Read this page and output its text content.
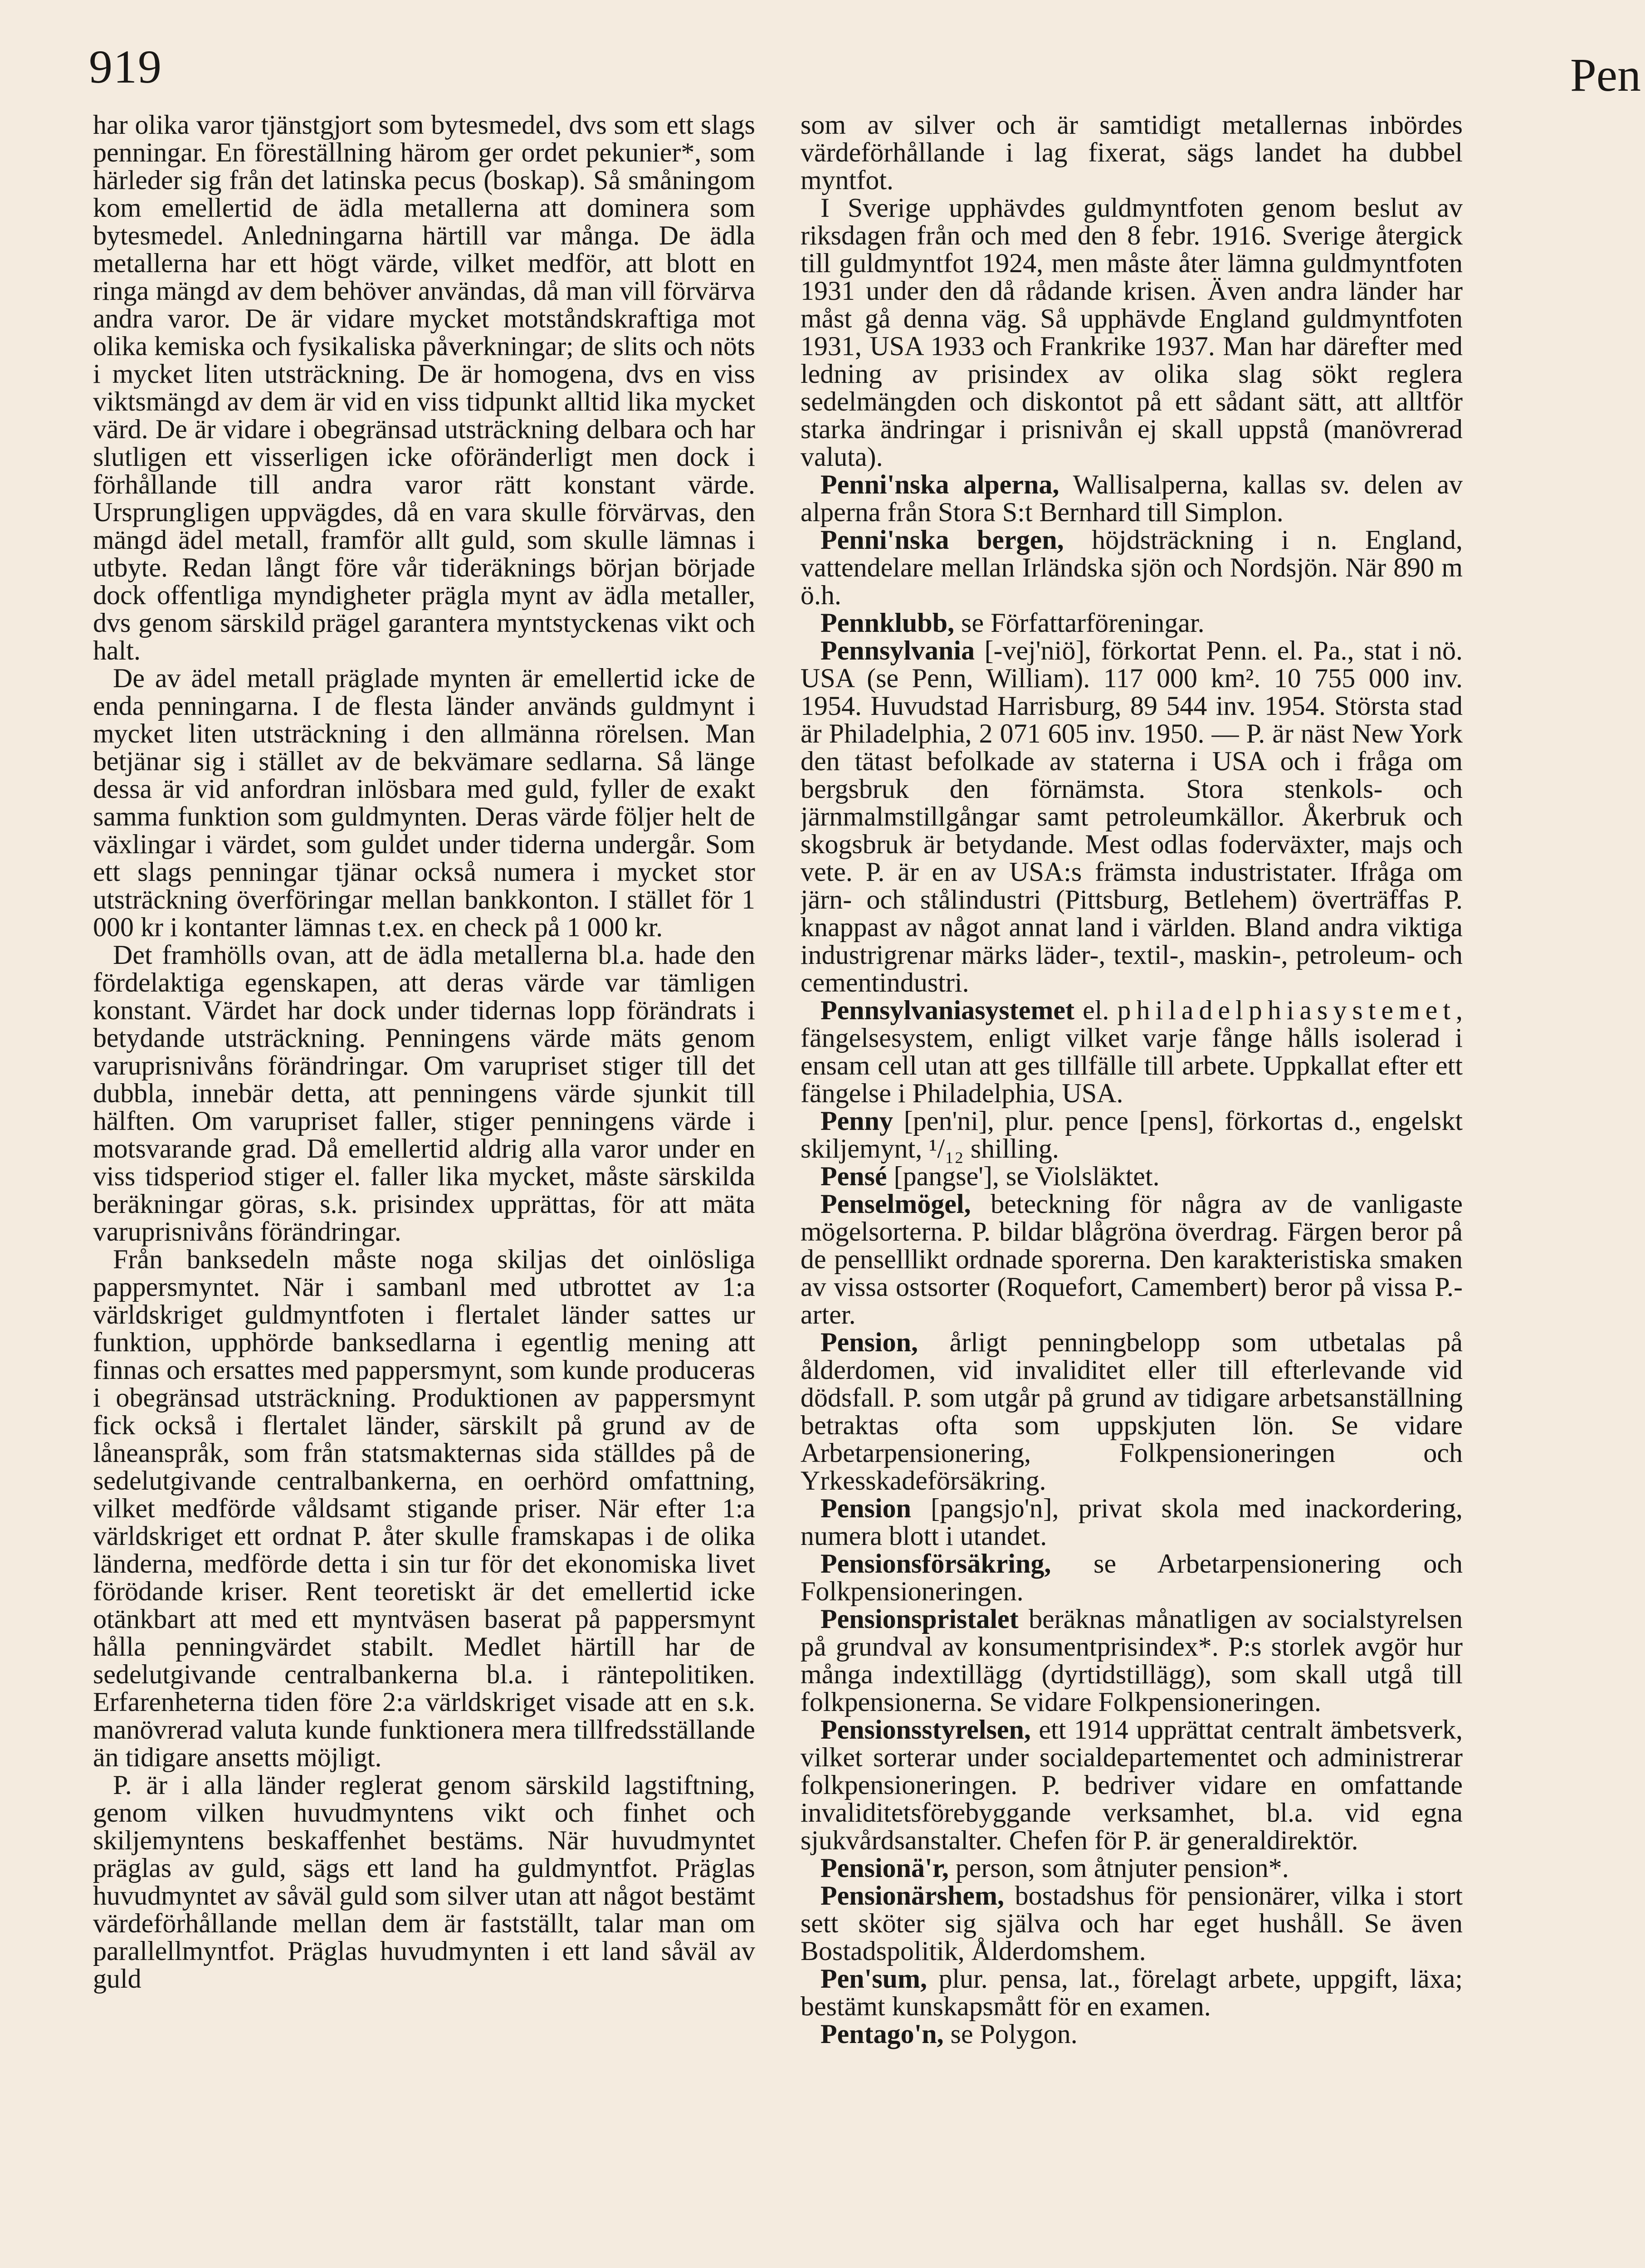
919	Pen

har olika varor tjänstgjort som bytesmedel, dvs som ett slags penningar. En föreställning härom ger ordet pekunier*, som härleder sig från det latinska pecus (boskap). Så småningom kom emellertid de ädla metallerna att dominera som bytesmedel. Anledningarna härtill var många. De ädla metallerna har ett högt värde, vilket medför, att blott en ringa mängd av dem behöver användas, då man vill förvärva andra varor. De är vidare mycket motståndskraftiga mot olika kemiska och fysikaliska påverkningar; de slits och nöts i mycket liten utsträckning. De är homogena, dvs en viss viktsmängd av dem är vid en viss tidpunkt alltid lika mycket värd. De är vidare i obegränsad utsträckning delbara och har slutligen ett visserligen icke oföränderligt men dock i förhållande till andra varor rätt konstant värde. Ursprungligen uppvägdes, då en vara skulle förvärvas, den mängd ädel metall, framför allt guld, som skulle lämnas i utbyte. Redan långt före vår tideräknings början började dock offentliga myndigheter prägla mynt av ädla metaller, dvs genom särskild prägel garantera myntstyckenas vikt och halt.

De av ädel metall präglade mynten är emellertid icke de enda penningarna. I de flesta länder används guldmynt i mycket liten utsträckning i den allmänna rörelsen. Man betjänar sig i stället av de bekvämare sedlarna. Så länge dessa är vid anfordran inlösbara med guld, fyller de exakt samma funktion som guldmynten. Deras värde följer helt de växlingar i värdet, som guldet under tiderna undergår. Som ett slags penningar tjänar också numera i mycket stor utsträckning överföringar mellan bankkonton. I stället för 1 000 kr i kontanter lämnas t.ex. en check på 1 000 kr.

Det framhölls ovan, att de ädla metallerna bl.a. hade den fördelaktiga egenskapen, att deras värde var tämligen konstant. Värdet har dock under tidernas lopp förändrats i betydande utsträckning. Penningens värde mäts genom varuprisnivåns förändringar. Om varupriset stiger till det dubbla, innebär detta, att penningens värde sjunkit till hälften. Om varupriset faller, stiger penningens värde i motsvarande grad. Då emellertid aldrig alla varor under en viss tidsperiod stiger el. faller lika mycket, måste särskilda beräkningar göras, s.k. prisindex upprättas, för att mäta varuprisnivåns förändringar.

Från banksedeln måste noga skiljas det oinlösliga pappersmyntet. När i sambanl med utbrottet av 1:a världskriget guldmyntfoten i flertalet länder sattes ur funktion, upphörde banksedlarna i egentlig mening att finnas och ersattes med pappersmynt, som kunde produceras i obegränsad utsträckning. Produktionen av pappersmynt fick också i flertalet länder, särskilt på grund av de låneanspråk, som från statsmakternas sida ställdes på de sedelutgivande centralbankerna, en oerhörd omfattning, vilket medförde våldsamt stigande priser. När efter 1:a världskriget ett ordnat P. åter skulle framskapas i de olika länderna, medförde detta i sin tur för det ekonomiska livet förödande kriser. Rent teoretiskt är det emellertid icke otänkbart att med ett myntväsen baserat på pappersmynt hålla penningvärdet stabilt. Medlet härtill har de sedelutgivande centralbankerna bl.a. i räntepolitiken. Erfarenheterna tiden före 2:a världskriget visade att en s.k. manövrerad valuta kunde funktionera mera tillfredsställande än tidigare ansetts möjligt.

P. är i alla länder reglerat genom särskild lagstiftning, genom vilken huvudmyntens vikt och finhet och skiljemyntens beskaffenhet bestäms. När huvudmyntet präglas av guld, sägs ett land ha guldmyntfot. Präglas huvudmyntet av såväl guld som silver utan att något bestämt värdeförhållande mellan dem är fastställt, talar man om parallellmyntfot. Präglas huvudmynten i ett land såväl av guld

som av silver och är samtidigt metallernas inbördes värdeförhållande i lag fixerat, sägs landet ha dubbel myntfot.

I Sverige upphävdes guldmyntfoten genom beslut av riksdagen från och med den 8 febr. 1916. Sverige återgick till guldmyntfot 1924, men måste åter lämna guldmyntfoten 1931 under den då rådande krisen. Även andra länder har måst gå denna väg. Så upphävde England guldmyntfoten 1931, USA 1933 och Frankrike 1937. Man har därefter med ledning av prisindex av olika slag sökt reglera sedelmängden och diskontot på ett sådant sätt, att alltför starka ändringar i prisnivån ej skall uppstå (manövrerad valuta).

Penni'nska alperna, Wallisalperna, kallas sv. delen av alperna från Stora S:t Bernhard till Simplon.

Penni'nska bergen, höjdsträckning i n. England, vattendelare mellan Irländska sjön och Nordsjön. När 890 m ö.h.

Pennklubb, se Författarföreningar.

Pennsylvania [-vej'niö], förkortat Penn. el. Pa., stat i nö. USA (se Penn, William). 117 000 km². 10 755 000 inv. 1954. Huvudstad Harrisburg, 89 544 inv. 1954. Största stad är Philadelphia, 2 071 605 inv. 1950. — P. är näst New York den tätast befolkade av staterna i USA och i fråga om bergsbruk den förnämsta. Stora stenkols- och järnmalmstillgångar samt petroleumkällor. Åkerbruk och skogsbruk är betydande. Mest odlas foderväxter, majs och vete. P. är en av USA:s främsta industristater. Ifråga om järn- och stålindustri (Pittsburg, Betlehem) överträffas P. knappast av något annat land i världen. Bland andra viktiga industrigrenar märks läder-, textil-, maskin-, petroleum- och cementindustri.

Pennsylvaniasystemet el. philadelphiasystemet, fängelsesystem, enligt vilket varje fånge hålls isolerad i ensam cell utan att ges tillfälle till arbete. Uppkallat efter ett fängelse i Philadelphia, USA.

Penny [pen'ni], plur. pence [pens], förkortas d., engelskt skiljemynt, ¹/₁₂ shilling.

Pensé [pangse'], se Violsläktet.

Penselmögel, beteckning för några av de vanligaste mögelsorterna. P. bildar blågröna överdrag. Färgen beror på de penselllikt ordnade sporerna. Den karakteristiska smaken av vissa ostsorter (Roquefort, Camembert) beror på vissa P.-arter.

Pension, årligt penningbelopp som utbetalas på ålderdomen, vid invaliditet eller till efterlevande vid dödsfall. P. som utgår på grund av tidigare arbetsanställning betraktas ofta som uppskjuten lön. Se vidare Arbetarpensionering, Folkpensioneringen och Yrkesskadeförsäkring.

Pension [pangsjo'n], privat skola med inackordering, numera blott i utandet.

Pensionsförsäkring, se Arbetarpensionering och Folkpensioneringen.

Pensionspristalet beräknas månatligen av socialstyrelsen på grundval av konsumentprisindex*. P:s storlek avgör hur många indextillägg (dyrtidstillägg), som skall utgå till folkpensionerna. Se vidare Folkpensioneringen.

Pensionsstyrelsen, ett 1914 upprättat centralt ämbetsverk, vilket sorterar under socialdepartementet och administrerar folkpensioneringen. P. bedriver vidare en omfattande invaliditetsförebyggande verksamhet, bl.a. vid egna sjukvårdsanstalter. Chefen för P. är generaldirektör.

Pensionä'r, person, som åtnjuter pension*.

Pensionärshem, bostadshus för pensionärer, vilka i stort sett sköter sig själva och har eget hushåll. Se även Bostadspolitik, Ålderdomshem.

Pen'sum, plur. pensa, lat., förelagt arbete, uppgift, läxa; bestämt kunskapsmått för en examen.

Pentago'n, se Polygon.
